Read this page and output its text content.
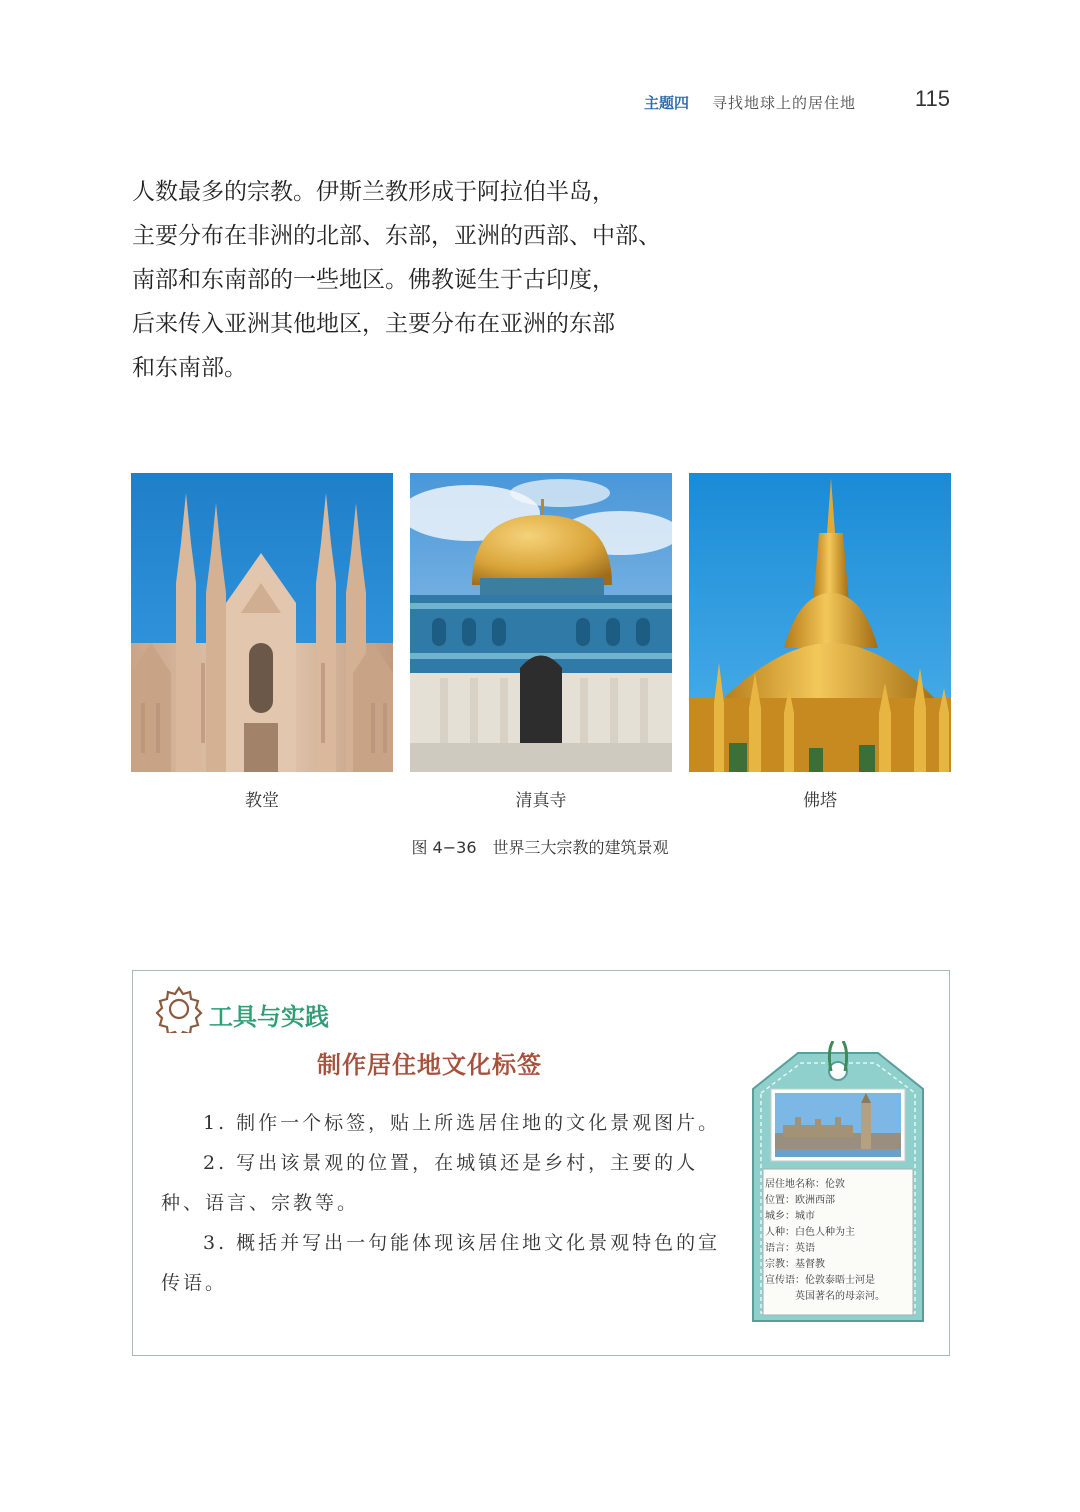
主题四 寻找地球上的居住地	115

人数最多的宗教。伊斯兰教形成于阿拉伯半岛，

主要分布在非洲的北部、东部，亚洲的西部、中部、

南部和东南部的一些地区。佛教诞生于古印度，

后来传入亚洲其他地区，主要分布在亚洲的东部

和东南部。

教堂	清真寺	佛塔
图 4−36　世界三大宗教的建筑景观
工具与实践
制作居住地文化标签

1. 制作一个标签，贴上所选居住地的文化景观图片。

2. 写出该景观的位置，在城镇还是乡村，主要的人种、语言、宗教等。

3. 概括并写出一句能体现该居住地文化景观特色的宣传语。

居住地名称：伦敦
位置：欧洲西部
城乡：城市
人种：白色人种为主
语言：英语
宗教：基督教
宣传语：伦敦泰晤士河是
　　　英国著名的母亲河。
